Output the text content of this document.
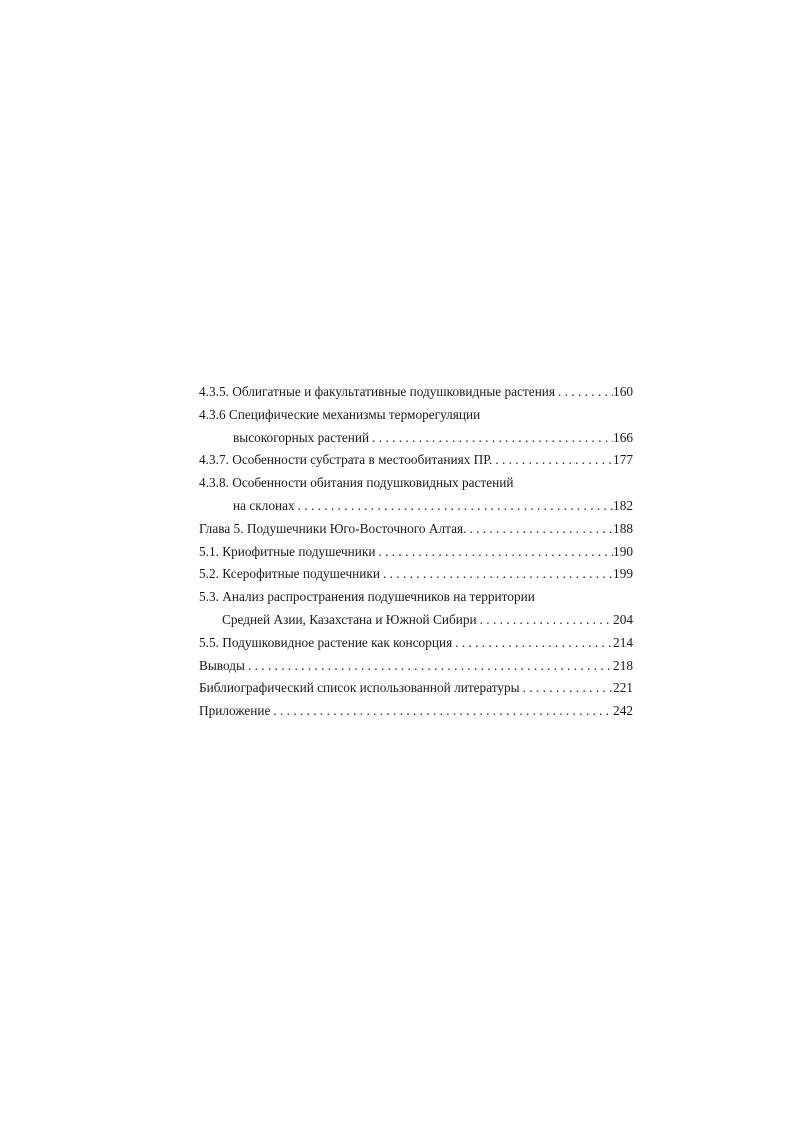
4.3.5. Облигатные и факультативные подушковидные растения . . .	160
4.3.6 Специфические механизмы терморегуляции
высокогорных растений . . .	166
4.3.7. Особенности субстрата в местообитаниях ПР. . . .	177
4.3.8. Особенности обитания подушковидных растений
на склонах . . .	182
Глава 5. Подушечники Юго-Восточного Алтая. . . .	188
5.1. Криофитные подушечники . . .	190
5.2. Ксерофитные подушечники . . .	199
5.3. Анализ распространения подушечников на территории
Средней Азии, Казахстана и Южной Сибири . . .	204
5.5. Подушковидное растение как консорция . . .	214
Выводы . . .	218
Библиографический список использованной литературы . . .	221
Приложение . . .	242
